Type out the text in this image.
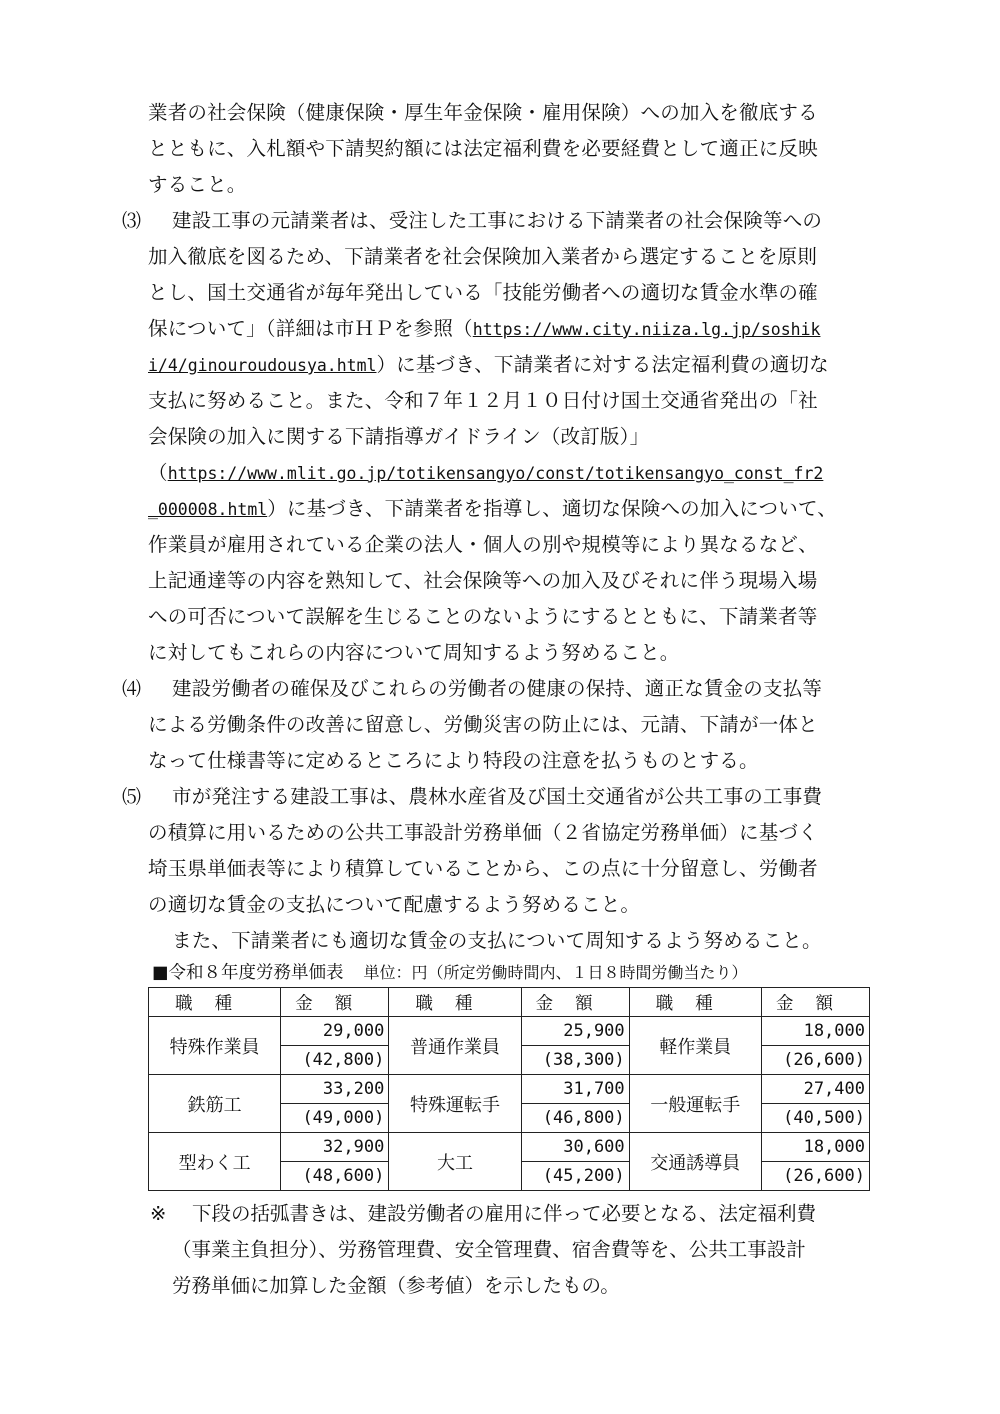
業者の社会保険（健康保険・厚生年金保険・雇用保険）への加入を徹底する
とともに、入札額や下請契約額には法定福利費を必要経費として適正に反映
すること。
⑶ 建設工事の元請業者は、受注した工事における下請業者の社会保険等への
加入徹底を図るため、下請業者を社会保険加入業者から選定することを原則
とし、国土交通省が毎年発出している「技能労働者への適切な賃金水準の確
保について」（詳細は市ＨＰを参照（https://www.city.niiza.lg.jp/soshik
i/4/ginouroudousya.html）に基づき、下請業者に対する法定福利費の適切な
支払に努めること。また、令和７年１２月１０日付け国土交通省発出の「社
会保険の加入に関する下請指導ガイドライン（改訂版）」
（https://www.mlit.go.jp/totikensangyo/const/totikensangyo_const_fr2
_000008.html）に基づき、下請業者を指導し、適切な保険への加入について、
作業員が雇用されている企業の法人・個人の別や規模等により異なるなど、
上記通達等の内容を熟知して、社会保険等への加入及びそれに伴う現場入場
への可否について誤解を生じることのないようにするとともに、下請業者等
に対してもこれらの内容について周知するよう努めること。
⑷ 建設労働者の確保及びこれらの労働者の健康の保持、適正な賃金の支払等
による労働条件の改善に留意し、労働災害の防止には、元請、下請が一体と
なって仕様書等に定めるところにより特段の注意を払うものとする。
⑸ 市が発注する建設工事は、農林水産省及び国土交通省が公共工事の工事費
の積算に用いるための公共工事設計労務単価（２省協定労務単価）に基づく
埼玉県単価表等により積算していることから、この点に十分留意し、労働者
の適切な賃金の支払について配慮するよう努めること。
また、下請業者にも適切な賃金の支払について周知するよう努めること。
■令和８年度労務単価表 単位：円（所定労働時間内、１日８時間労働当たり）
職種	金額	職種	金額	職種	金額
特殊作業員	29,000	普通作業員	25,900	軽作業員	18,000
	(42,800)		(38,300)		(26,600)
鉄筋工	33,200	特殊運転手	31,700	一般運転手	27,400
	(49,000)		(46,800)		(40,500)
型わく工	32,900	大工	30,600	交通誘導員	18,000
	(48,600)		(45,200)		(26,600)
※ 下段の括弧書きは、建設労働者の雇用に伴って必要となる、法定福利費
（事業主負担分）、労務管理費、安全管理費、宿舎費等を、公共工事設計
労務単価に加算した金額（参考値）を示したもの。
